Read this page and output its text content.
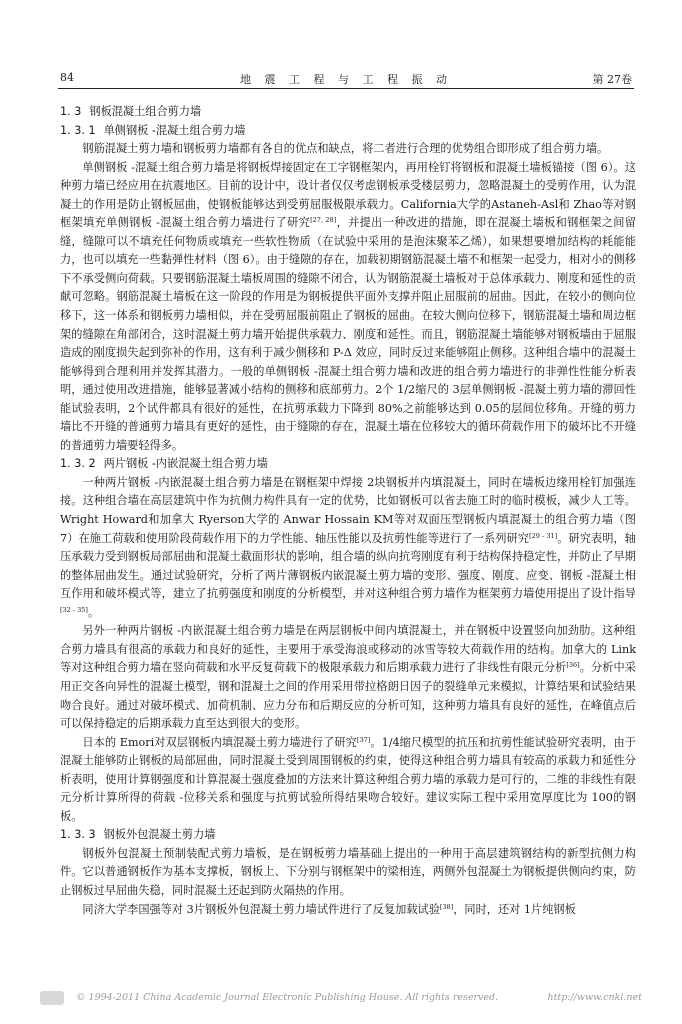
84	地 震 工 程 与 工 程 振 动	第 27卷
1. 3 钢板混凝土组合剪力墙
1. 3. 1 单侧钢板 -混凝土组合剪力墙

钢筋混凝土剪力墙和钢板剪力墙都有各自的优点和缺点，将二者进行合理的优势组合即形成了组合剪力墙。

单侧钢板 -混凝土组合剪力墙是将钢板焊接固定在工字钢框架内，再用栓钉将钢板和混凝土墙板锚接（图 6）。这种剪力墙已经应用在抗震地区。目前的设计中，设计者仅仅考虑钢板承受楼层剪力，忽略混凝土的受剪作用，认为混凝土的作用是防止钢板屈曲，使钢板能够达到受剪屈服极限承载力。California大学的Astaneh-Asl和 Zhao等对钢框架填充单侧钢板 -混凝土组合剪力墙进行了研究[27, 28]，并提出一种改进的措施，即在混凝土墙板和钢框架之间留缝，缝隙可以不填充任何物质或填充一些软性物质（在试验中采用的是泡沫聚苯乙烯），如果想要增加结构的耗能能力，也可以填充一些黏弹性材料（图 6）。由于缝隙的存在，加载初期钢筋混凝土墙不和框架一起受力，相对小的侧移下不承受侧向荷载。只要钢筋混凝土墙板周围的缝隙不闭合，认为钢筋混凝土墙板对于总体承载力、刚度和延性的贡献可忽略。钢筋混凝土墙板在这一阶段的作用是为钢板提供平面外支撑并阻止屈服前的屈曲。因此，在较小的侧向位移下，这一体系和钢板剪力墙相似，并在受剪屈服前阻止了钢板的屈曲。在较大侧向位移下，钢筋混凝土墙和周边框架的缝隙在角部闭合，这时混凝土剪力墙开始提供承载力、刚度和延性。而且，钢筋混凝土墙能够对钢板墙由于屈服造成的刚度损失起到弥补的作用，这有利于减少侧移和 P-Δ 效应，同时反过来能够阻止侧移。这种组合墙中的混凝土能够得到合理利用并发挥其潜力。一般的单侧钢板 -混凝土组合剪力墙和改进的组合剪力墙进行的非弹性性能分析表明，通过使用改进措施，能够显著减小结构的侧移和底部剪力。2个 1/2缩尺的 3层单侧钢板 -混凝土剪力墙的滞回性能试验表明，2个试件都具有很好的延性，在抗剪承载力下降到 80%之前能够达到 0.05的层间位移角。开缝的剪力墙比不开缝的普通剪力墙具有更好的延性，由于缝隙的存在，混凝土墙在位移较大的循环荷载作用下的破坏比不开缝的普通剪力墙要轻得多。

1. 3. 2 两片钢板 -内嵌混凝土组合剪力墙

一种两片钢板 -内嵌混凝土组合剪力墙是在钢框架中焊接 2块钢板并内填混凝土，同时在墙板边缘用栓钉加强连接。这种组合墙在高层建筑中作为抗侧力构件具有一定的优势，比如钢板可以省去施工时的临时模板，减少人工等。Wright Howard和加拿大 Ryerson大学的 Anwar Hossain KM等对双面压型钢板内填混凝土的组合剪力墙（图 7）在施工荷载和使用阶段荷载作用下的力学性能、轴压性能以及抗剪性能等进行了一系列研究[29 - 31]。研究表明，轴压承载力受到钢板局部屈曲和混凝土截面形状的影响，组合墙的纵向抗弯刚度有利于结构保持稳定性，并防止了早期的整体屈曲发生。通过试验研究，分析了两片薄钢板内嵌混凝土剪力墙的变形、强度、刚度、应变、钢板 -混凝土相互作用和破坏模式等，建立了抗剪强度和刚度的分析模型，并对这种组合剪力墙作为框架剪力墙使用提出了设计指导[32 - 35]。

另外一种两片钢板 -内嵌混凝土组合剪力墙是在两层钢板中间内填混凝土，并在钢板中设置竖向加劲肋。这种组合剪力墙具有很高的承载力和良好的延性，主要用于承受海浪或移动的冰雪等较大荷载作用的结构。加拿大的 Link等对这种组合剪力墙在竖向荷载和水平反复荷载下的极限承载力和后期承载力进行了非线性有限元分析[36]。分析中采用正交各向异性的混凝土模型，钢和混凝土之间的作用采用带拉格朗日因子的裂缝单元来模拟，计算结果和试验结果吻合良好。通过对破坏模式、加荷机制、应力分布和后期反应的分析可知，这种剪力墙具有良好的延性，在峰值点后可以保持稳定的后期承载力直至达到很大的变形。

日本的 Emori对双层钢板内填混凝土剪力墙进行了研究[37]。1/4缩尺模型的抗压和抗剪性能试验研究表明，由于混凝土能够防止钢板的局部屈曲，同时混凝土受到周围钢板的约束，使得这种组合剪力墙具有较高的承载力和延性分析表明，使用计算钢强度和计算混凝土强度叠加的方法来计算这种组合剪力墙的承载力是可行的，二维的非线性有限元分析计算所得的荷载 -位移关系和强度与抗剪试验所得结果吻合较好。建议实际工程中采用宽厚度比为 100的钢板。

1. 3. 3 钢板外包混凝土剪力墙

钢板外包混凝土预制装配式剪力墙板，是在钢板剪力墙基础上提出的一种用于高层建筑钢结构的新型抗侧力构件。它以普通钢板作为基本支撑板，钢板上、下分别与钢框架中的梁相连，两侧外包混凝土为钢板提供侧向约束，防止钢板过早屈曲失稳，同时混凝土还起到防火隔热的作用。

同济大学李国强等对 3片钢板外包混凝土剪力墙试件进行了反复加载试验[38]，同时，还对 1片纯钢板

© 1994-2011 China Academic Journal Electronic Publishing House. All rights reserved.	http://www.cnki.net
